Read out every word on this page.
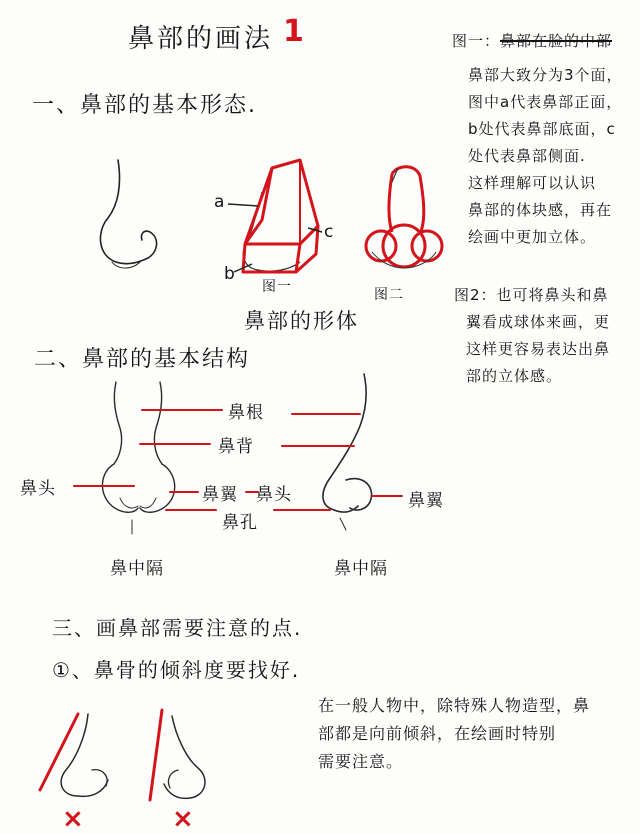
鼻部的画法 1
一、鼻部的基本形态.
a
c
b
图一	图二
鼻部的形体
图一：鼻部在脸的中部
鼻部大致分为3个面，
图中a代表鼻部正面，
b处代表鼻部底面，c
处代表鼻部侧面.
这样理解可以认识
鼻部的体块感，再在
绘画中更加立体。
图2：也可将鼻头和鼻
翼看成球体来画，更
这样更容易表达出鼻
部的立体感。
二、鼻部的基本结构
鼻根
鼻背
鼻头	鼻翼 鼻头	鼻翼
鼻孔
鼻中隔	鼻中隔
三、画鼻部需要注意的点.
①、鼻骨的倾斜度要找好.
在一般人物中，除特殊人物造型，鼻
部都是向前倾斜，在绘画时特别
需要注意。
×	×
